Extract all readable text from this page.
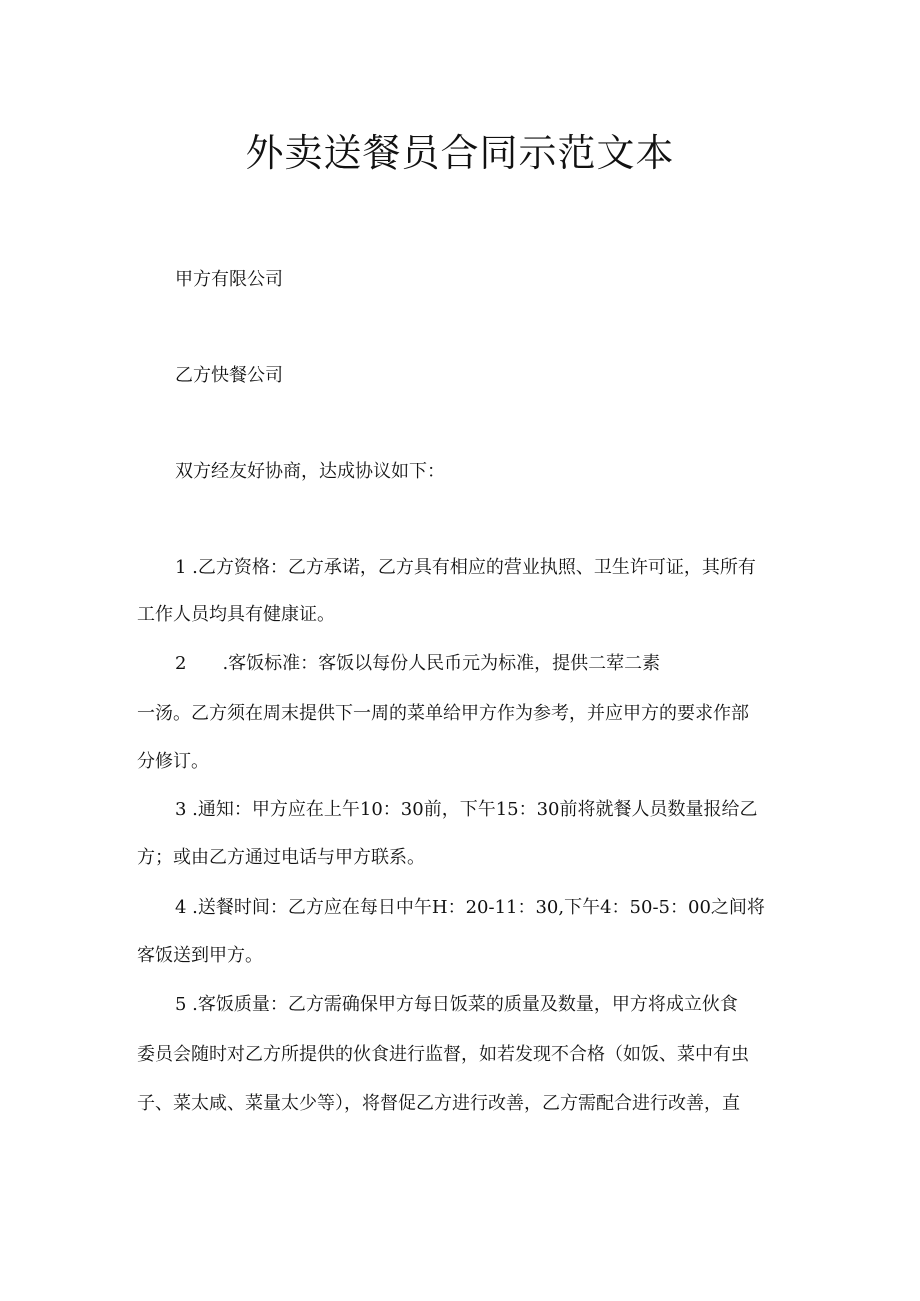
外卖送餐员合同示范文本

甲方有限公司

乙方快餐公司

双方经友好协商，达成协议如下：

1 .乙方资格：乙方承诺，乙方具有相应的营业执照、卫生许可证，其所有

工作人员均具有健康证。

2　　.客饭标准：客饭以每份人民币元为标准，提供二荤二素

一汤。乙方须在周末提供下一周的菜单给甲方作为参考，并应甲方的要求作部

分修订。

3 .通知：甲方应在上午10：30前，下午15：30前将就餐人员数量报给乙

方；或由乙方通过电话与甲方联系。

4 .送餐时间：乙方应在每日中午H：20-11：30,下午4：50-5：00之间将

客饭送到甲方。

5 .客饭质量：乙方需确保甲方每日饭菜的质量及数量，甲方将成立伙食

委员会随时对乙方所提供的伙食进行监督，如若发现不合格（如饭、菜中有虫

子、菜太咸、菜量太少等），将督促乙方进行改善，乙方需配合进行改善，直
